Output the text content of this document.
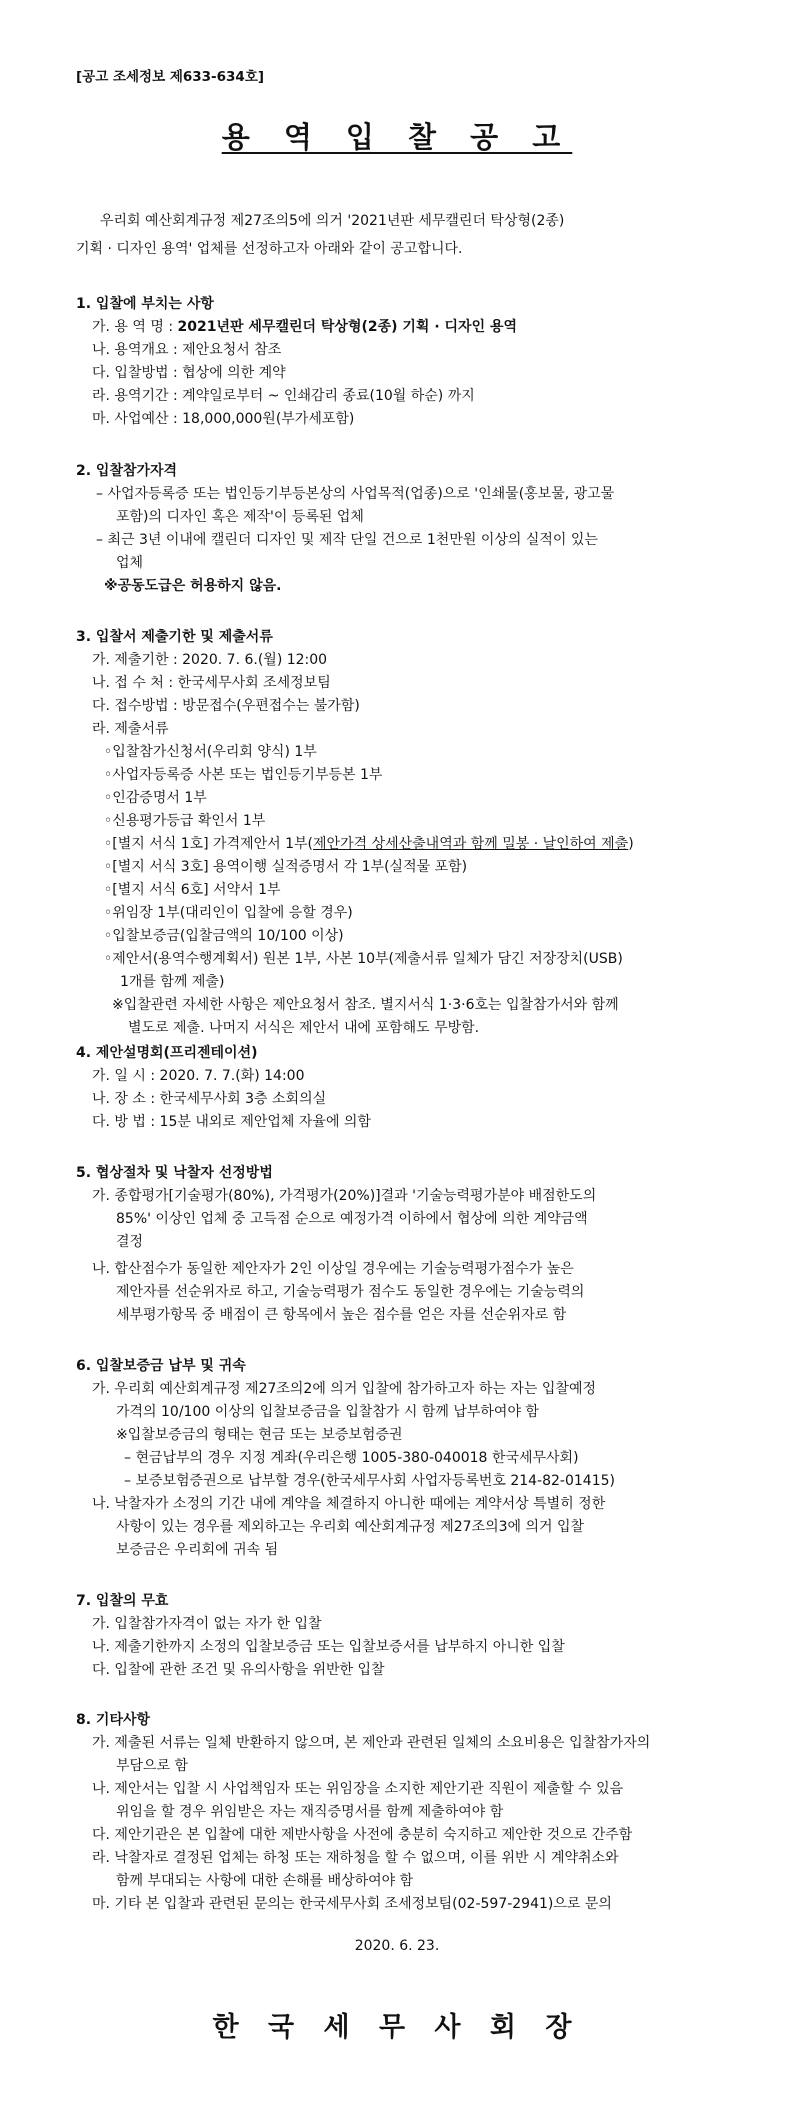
[공고 조세정보 제633-634호]
용 역 입 찰 공 고
우리회 예산회계규정 제27조의5에 의거 '2021년판 세무캘린더 탁상형(2종)
기획 · 디자인 용역' 업체를 선정하고자 아래와 같이 공고합니다.
1. 입찰에 부치는 사항
가. 용 역 명 : 2021년판 세무캘린더 탁상형(2종) 기획 · 디자인 용역
나. 용역개요 : 제안요청서 참조
다. 입찰방법 : 협상에 의한 계약
라. 용역기간 : 계약일로부터 ~ 인쇄감리 종료(10월 하순) 까지
마. 사업예산 : 18,000,000원(부가세포함)
2. 입찰참가자격
– 사업자등록증 또는 법인등기부등본상의 사업목적(업종)으로 '인쇄물(홍보물, 광고물
포함)의 디자인 혹은 제작'이 등록된 업체
– 최근 3년 이내에 캘린더 디자인 및 제작 단일 건으로 1천만원 이상의 실적이 있는
업체
※공동도급은 허용하지 않음.
3. 입찰서 제출기한 및 제출서류
가. 제출기한 : 2020. 7. 6.(월) 12:00
나. 접 수 처 : 한국세무사회 조세정보팀
다. 접수방법 : 방문접수(우편접수는 불가함)
라. 제출서류
◦입찰참가신청서(우리회 양식) 1부
◦사업자등록증 사본 또는 법인등기부등본 1부
◦인감증명서 1부
◦신용평가등급 확인서 1부
◦[별지 서식 1호] 가격제안서 1부(제안가격 상세산출내역과 함께 밀봉 · 날인하여 제출)
◦[별지 서식 3호] 용역이행 실적증명서 각 1부(실적물 포함)
◦[별지 서식 6호] 서약서 1부
◦위임장 1부(대리인이 입찰에 응할 경우)
◦입찰보증금(입찰금액의 10/100 이상)
◦제안서(용역수행계획서) 원본 1부, 사본 10부(제출서류 일체가 담긴 저장장치(USB)
1개를 함께 제출)
※입찰관련 자세한 사항은 제안요청서 참조. 별지서식 1·3·6호는 입찰참가서와 함께
별도로 제출. 나머지 서식은 제안서 내에 포함해도 무방함.
4. 제안설명회(프리젠테이션)
가. 일 시 : 2020. 7. 7.(화) 14:00
나. 장 소 : 한국세무사회 3층 소회의실
다. 방 법 : 15분 내외로 제안업체 자율에 의함
5. 협상절차 및 낙찰자 선정방법
가. 종합평가[기술평가(80%), 가격평가(20%)]결과 '기술능력평가분야 배점한도의
85%' 이상인 업체 중 고득점 순으로 예정가격 이하에서 협상에 의한 계약금액
결정
나. 합산점수가 동일한 제안자가 2인 이상일 경우에는 기술능력평가점수가 높은
제안자를 선순위자로 하고, 기술능력평가 점수도 동일한 경우에는 기술능력의
세부평가항목 중 배점이 큰 항목에서 높은 점수를 얻은 자를 선순위자로 함
6. 입찰보증금 납부 및 귀속
가. 우리회 예산회계규정 제27조의2에 의거 입찰에 참가하고자 하는 자는 입찰예정
가격의 10/100 이상의 입찰보증금을 입찰참가 시 함께 납부하여야 함
※입찰보증금의 형태는 현금 또는 보증보험증권
– 현금납부의 경우 지정 계좌(우리은행 1005-380-040018 한국세무사회)
– 보증보험증권으로 납부할 경우(한국세무사회 사업자등록번호 214-82-01415)
나. 낙찰자가 소정의 기간 내에 계약을 체결하지 아니한 때에는 계약서상 특별히 정한
사항이 있는 경우를 제외하고는 우리회 예산회계규정 제27조의3에 의거 입찰
보증금은 우리회에 귀속 됨
7. 입찰의 무효
가. 입찰참가자격이 없는 자가 한 입찰
나. 제출기한까지 소정의 입찰보증금 또는 입찰보증서를 납부하지 아니한 입찰
다. 입찰에 관한 조건 및 유의사항을 위반한 입찰
8. 기타사항
가. 제출된 서류는 일체 반환하지 않으며, 본 제안과 관련된 일체의 소요비용은 입찰참가자의
부담으로 함
나. 제안서는 입찰 시 사업책임자 또는 위임장을 소지한 제안기관 직원이 제출할 수 있음
위임을 할 경우 위임받은 자는 재직증명서를 함께 제출하여야 함
다. 제안기관은 본 입찰에 대한 제반사항을 사전에 충분히 숙지하고 제안한 것으로 간주함
라. 낙찰자로 결정된 업체는 하청 또는 재하청을 할 수 없으며, 이를 위반 시 계약취소와
함께 부대되는 사항에 대한 손해를 배상하여야 함
마. 기타 본 입찰과 관련된 문의는 한국세무사회 조세정보팀(02-597-2941)으로 문의
2020. 6. 23.
한 국 세 무 사 회 장
